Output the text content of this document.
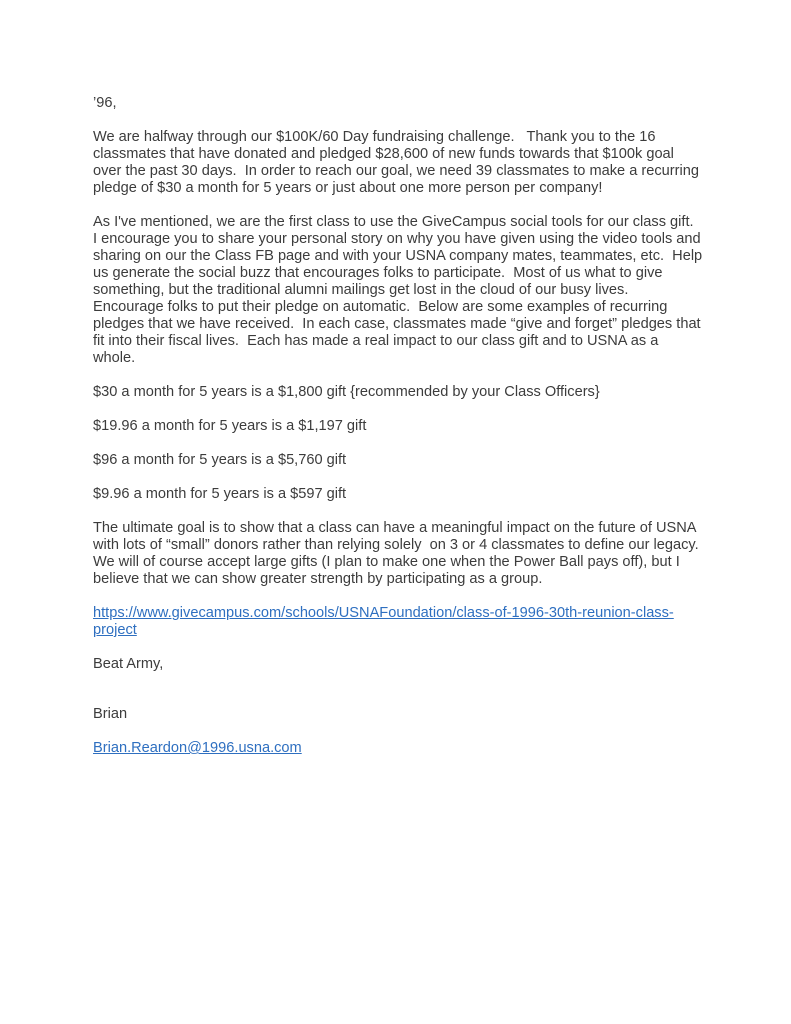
’96,

We are halfway through our $100K/60 Day fundraising challenge.   Thank you to the 16 classmates that have donated and pledged $28,600 of new funds towards that $100k goal over the past 30 days.  In order to reach our goal, we need 39 classmates to make a recurring pledge of $30 a month for 5 years or just about one more person per company!

As I've mentioned, we are the first class to use the GiveCampus social tools for our class gift.  I encourage you to share your personal story on why you have given using the video tools and sharing on our the Class FB page and with your USNA company mates, teammates, etc.  Help us generate the social buzz that encourages folks to participate.  Most of us what to give something, but the traditional alumni mailings get lost in the cloud of our busy lives.  Encourage folks to put their pledge on automatic.  Below are some examples of recurring pledges that we have received.  In each case, classmates made “give and forget” pledges that fit into their fiscal lives.  Each has made a real impact to our class gift and to USNA as a whole.

$30 a month for 5 years is a $1,800 gift {recommended by your Class Officers}

$19.96 a month for 5 years is a $1,197 gift

$96 a month for 5 years is a $5,760 gift

$9.96 a month for 5 years is a $597 gift

The ultimate goal is to show that a class can have a meaningful impact on the future of USNA with lots of “small” donors rather than relying solely  on 3 or 4 classmates to define our legacy.  We will of course accept large gifts (I plan to make one when the Power Ball pays off), but I believe that we can show greater strength by participating as a group.

https://www.givecampus.com/schools/USNAFoundation/class-of-1996-30th-reunion-class-project

Beat Army,

Brian

Brian.Reardon@1996.usna.com
